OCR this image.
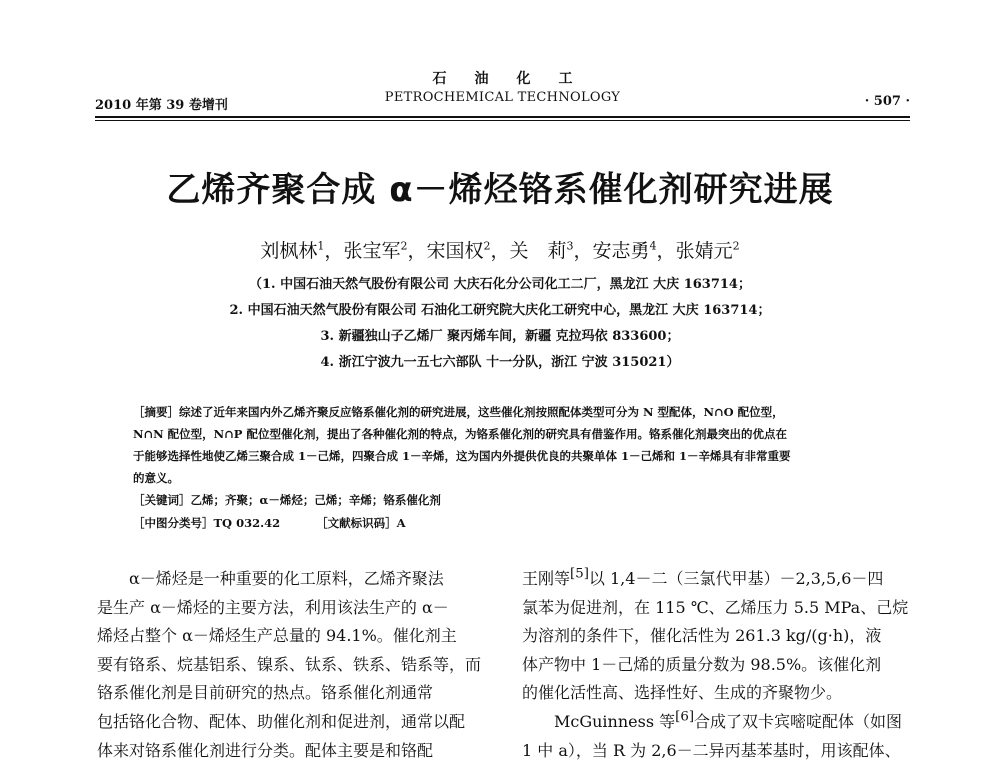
2010 年第 39 卷增刊
石油化工
PETROCHEMICAL TECHNOLOGY	· 507 ·
乙烯齐聚合成 α－烯烃铬系催化剂研究进展
刘枫林$^1$，张宝军$^2$，宋国权$^2$，关　莉$^3$，安志勇$^4$，张婧元$^2$
（1. 中国石油天然气股份有限公司 大庆石化分公司化工二厂，黑龙江 大庆 163714；
2. 中国石油天然气股份有限公司 石油化工研究院大庆化工研究中心，黑龙江 大庆 163714；
3. 新疆独山子乙烯厂 聚丙烯车间，新疆 克拉玛依 833600；
4. 浙江宁波九一五七六部队 十一分队，浙江 宁波 315021）
［摘要］综述了近年来国内外乙烯齐聚反应铬系催化剂的研究进展，这些催化剂按照配体类型可分为 N 型配体，N∩O 配位型，
N∩N 配位型，N∩P 配位型催化剂，提出了各种催化剂的特点，为铬系催化剂的研究具有借鉴作用。铬系催化剂最突出的优点在
于能够选择性地使乙烯三聚合成 1－己烯，四聚合成 1－辛烯，这为国内外提供优良的共聚单体 1－己烯和 1－辛烯具有非常重要
的意义。
［关键词］乙烯；齐聚；α－烯烃；己烯；辛烯；铬系催化剂
［中图分类号］TQ 032.42	［文献标识码］A

α－烯烃是一种重要的化工原料，乙烯齐聚法

是生产 α－烯烃的主要方法，利用该法生产的 α－

烯烃占整个 α－烯烃生产总量的 94.1%。催化剂主

要有铬系、烷基铝系、镍系、钛系、铁系、锆系等，而

铬系催化剂是目前研究的热点。铬系催化剂通常

包括铬化合物、配体、助催化剂和促进剂，通常以配

体来对铬系催化剂进行分类。配体主要是和铬配

王刚等[5]以 1,4－二（三氯代甲基）－2,3,5,6－四

氯苯为促进剂，在 115 ℃、乙烯压力 5.5 MPa、己烷

为溶剂的条件下，催化活性为 261.3 kg/(g·h)，液

体产物中 1－己烯的质量分数为 98.5%。该催化剂

的催化活性高、选择性好、生成的齐聚物少。

McGuinness 等[6]合成了双卡宾嘧啶配体（如图

1 中 a），当 R 为 2,6－二异丙基苯基时，用该配体、
